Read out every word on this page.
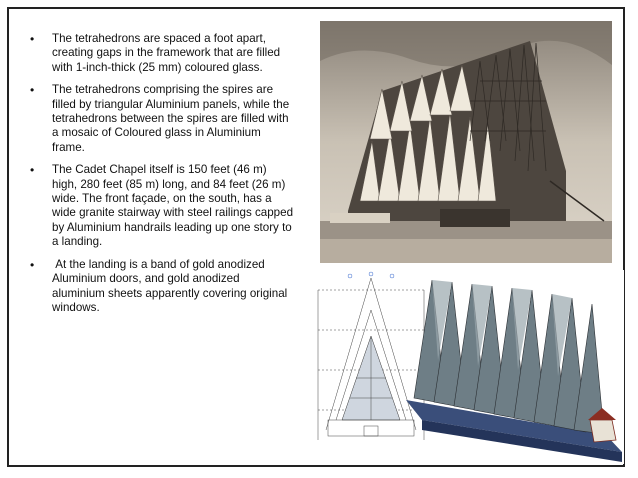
• The tetrahedrons are spaced a foot apart, creating gaps in the framework that are filled with 1-inch-thick (25 mm) coloured glass.
• The tetrahedrons comprising the spires are filled by triangular Aluminium panels, while the tetrahedrons between the spires are filled with a mosaic of Coloured glass in Aluminium frame.
• The Cadet Chapel itself is 150 feet (46 m) high, 280 feet (85 m) long, and 84 feet (26 m) wide. The front façade, on the south, has a wide granite stairway with steel railings capped by Aluminium handrails leading up one story to a landing.
• At the landing is a band of gold anodized Aluminium doors, and gold anodized aluminium sheets apparently covering original windows.
